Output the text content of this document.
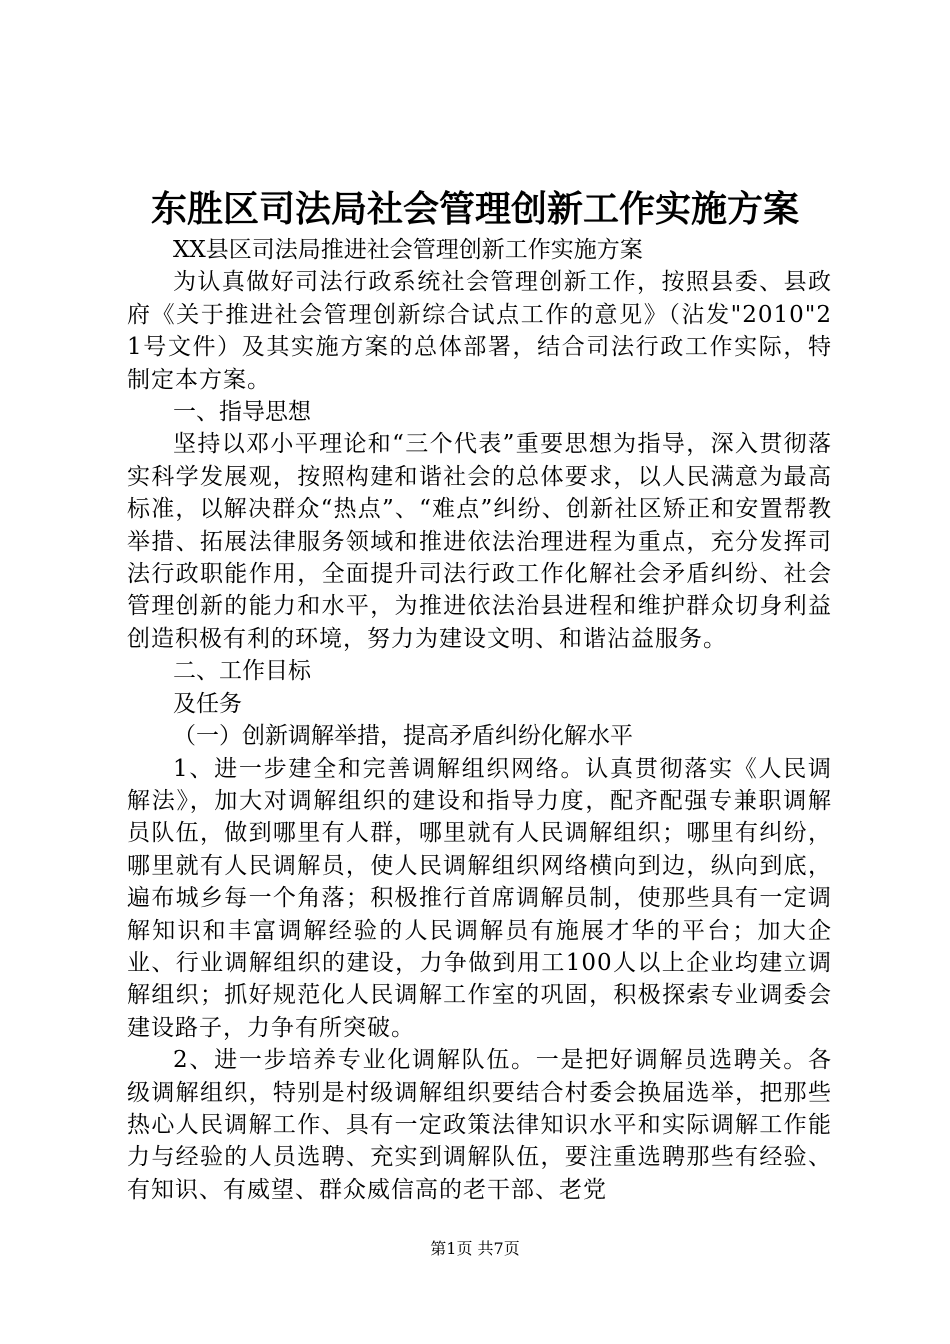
东胜区司法局社会管理创新工作实施方案

XX县区司法局推进社会管理创新工作实施方案

为认真做好司法行政系统社会管理创新工作，按照县委、县政府《关于推进社会管理创新综合试点工作的意见》（沾发"2010"21号文件）及其实施方案的总体部署，结合司法行政工作实际，特制定本方案。

一、指导思想

坚持以邓小平理论和“三个代表”重要思想为指导，深入贯彻落实科学发展观，按照构建和谐社会的总体要求，以人民满意为最高标准，以解决群众“热点”、“难点”纠纷、创新社区矫正和安置帮教举措、拓展法律服务领域和推进依法治理进程为重点，充分发挥司法行政职能作用，全面提升司法行政工作化解社会矛盾纠纷、社会管理创新的能力和水平，为推进依法治县进程和维护群众切身利益创造积极有利的环境，努力为建设文明、和谐沾益服务。

二、工作目标

及任务

（一）创新调解举措，提高矛盾纠纷化解水平

1、进一步建全和完善调解组织网络。认真贯彻落实《人民调解法》，加大对调解组织的建设和指导力度，配齐配强专兼职调解员队伍，做到哪里有人群，哪里就有人民调解组织；哪里有纠纷，哪里就有人民调解员，使人民调解组织网络横向到边，纵向到底，遍布城乡每一个角落；积极推行首席调解员制，使那些具有一定调解知识和丰富调解经验的人民调解员有施展才华的平台；加大企业、行业调解组织的建设，力争做到用工100人以上企业均建立调解组织；抓好规范化人民调解工作室的巩固，积极探索专业调委会建设路子，力争有所突破。

2、进一步培养专业化调解队伍。一是把好调解员选聘关。各级调解组织，特别是村级调解组织要结合村委会换届选举，把那些热心人民调解工作、具有一定政策法律知识水平和实际调解工作能力与经验的人员选聘、充实到调解队伍，要注重选聘那些有经验、有知识、有威望、群众威信高的老干部、老党

第1页 共7页
